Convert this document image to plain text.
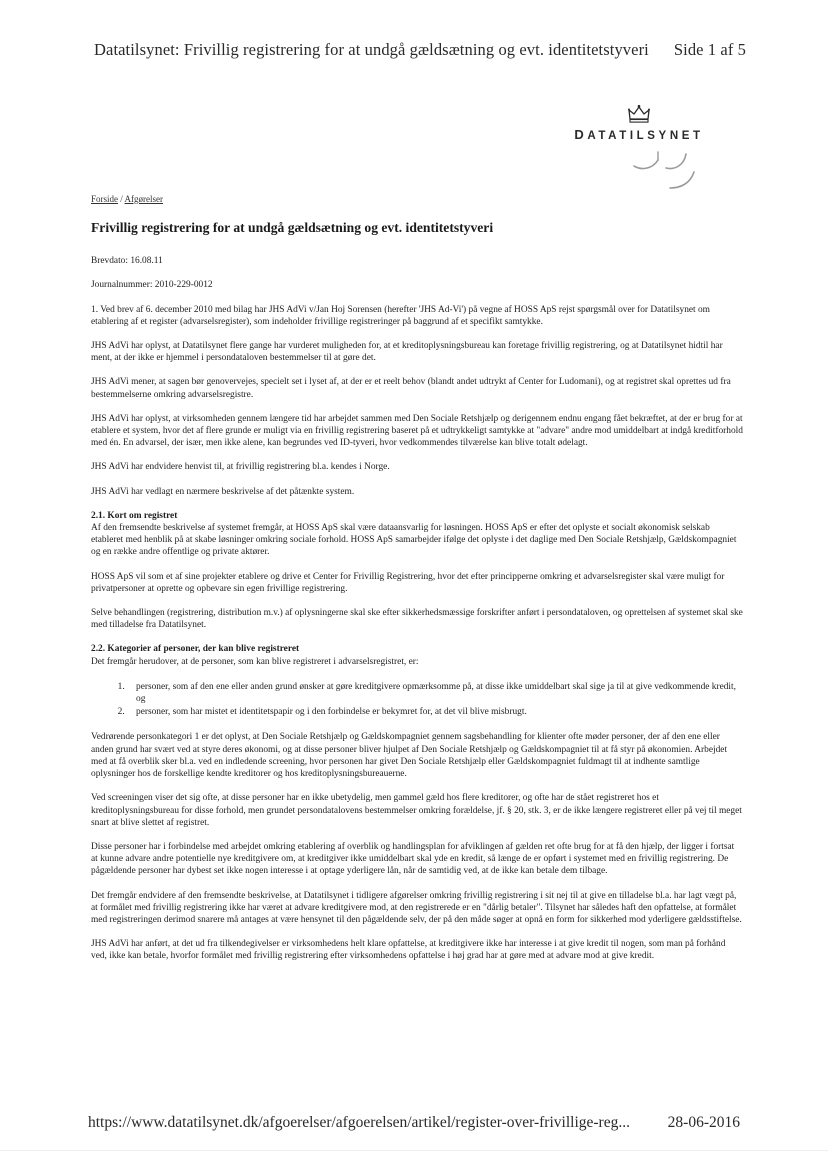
Datatilsynet: Frivillig registrering for at undgå gældsætning og evt. identitetstyveri Side 1 af 5
DATATILSYNET
Forside / Afgørelser
Frivillig registrering for at undgå gældsætning og evt. identitetstyveri

Brevdato: 16.08.11

Journalnummer: 2010-229-0012

1. Ved brev af 6. december 2010 med bilag har JHS AdVi v/Jan Hoj Sorensen (herefter 'JHS Ad-Vi') på vegne af HOSS ApS rejst spørgsmål over for Datatilsynet om etablering af et register (advarselsregister), som indeholder frivillige registreringer på baggrund af et specifikt samtykke.

JHS AdVi har oplyst, at Datatilsynet flere gange har vurderet muligheden for, at et kreditoplysningsbureau kan foretage frivillig registrering, og at Datatilsynet hidtil har ment, at der ikke er hjemmel i persondataloven bestemmelser til at gøre det.

JHS AdVi mener, at sagen bør genovervejes, specielt set i lyset af, at der er et reelt behov (blandt andet udtrykt af Center for Ludomani), og at registret skal oprettes ud fra bestemmelserne omkring advarselsregistre.

JHS AdVi har oplyst, at virksomheden gennem længere tid har arbejdet sammen med Den Sociale Retshjælp og derigennem endnu engang fået bekræftet, at der er brug for at etablere et system, hvor det af flere grunde er muligt via en frivillig registrering baseret på et udtrykkeligt samtykke at "advare" andre mod umiddelbart at indgå kreditforhold med én. En advarsel, der især, men ikke alene, kan begrundes ved ID-tyveri, hvor vedkommendes tilværelse kan blive totalt ødelagt.

JHS AdVi har endvidere henvist til, at frivillig registrering bl.a. kendes i Norge.

JHS AdVi har vedlagt en nærmere beskrivelse af det påtænkte system.

2.1. Kort om registret

Af den fremsendte beskrivelse af systemet fremgår, at HOSS ApS skal være dataansvarlig for løsningen. HOSS ApS er efter det oplyste et socialt økonomisk selskab etableret med henblik på at skabe løsninger omkring sociale forhold. HOSS ApS samarbejder ifølge det oplyste i det daglige med Den Sociale Retshjælp, Gældskompagniet og en række andre offentlige og private aktører.

HOSS ApS vil som et af sine projekter etablere og drive et Center for Frivillig Registrering, hvor det efter principperne omkring et advarselsregister skal være muligt for privatpersoner at oprette og opbevare sin egen frivillige registrering.

Selve behandlingen (registrering, distribution m.v.) af oplysningerne skal ske efter sikkerhedsmæssige forskrifter anført i persondataloven, og oprettelsen af systemet skal ske med tilladelse fra Datatilsynet.

2.2. Kategorier af personer, der kan blive registreret
Det fremgår herudover, at de personer, som kan blive registreret i advarselsregistret, er:
1. personer, som af den ene eller anden grund ønsker at gøre kreditgivere opmærksomme på, at disse ikke umiddelbart skal sige ja til at give vedkommende kredit, og
2. personer, som har mistet et identitetspapir og i den forbindelse er bekymret for, at det vil blive misbrugt.

Vedrørende personkategori 1 er det oplyst, at Den Sociale Retshjælp og Gældskompagniet gennem sagsbehandling for klienter ofte møder personer, der af den ene eller anden grund har svært ved at styre deres økonomi, og at disse personer bliver hjulpet af Den Sociale Retshjælp og Gældskompagniet til at få styr på økonomien. Arbejdet med at få overblik sker bl.a. ved en indledende screening, hvor personen har givet Den Sociale Retshjælp eller Gældskompagniet fuldmagt til at indhente samtlige oplysninger hos de forskellige kendte kreditorer og hos kreditoplysningsbureauerne.

Ved screeningen viser det sig ofte, at disse personer har en ikke ubetydelig, men gammel gæld hos flere kreditorer, og ofte har de stået registreret hos et kreditoplysningsbureau for disse forhold, men grundet persondatalovens bestemmelser omkring forældelse, jf. § 20, stk. 3, er de ikke længere registreret eller på vej til meget snart at blive slettet af registret.

Disse personer har i forbindelse med arbejdet omkring etablering af overblik og handlingsplan for afviklingen af gælden ret ofte brug for at få den hjælp, der ligger i fortsat at kunne advare andre potentielle nye kreditgivere om, at kreditgiver ikke umiddelbart skal yde en kredit, så længe de er opført i systemet med en frivillig registrering. De pågældende personer har dybest set ikke nogen interesse i at optage yderligere lån, når de samtidig ved, at de ikke kan betale dem tilbage.

Det fremgår endvidere af den fremsendte beskrivelse, at Datatilsynet i tidligere afgørelser omkring frivillig registrering i sit nej til at give en tilladelse bl.a. har lagt vægt på, at formålet med frivillig registrering ikke har været at advare kreditgivere mod, at den registrerede er en "dårlig betaler". Tilsynet har således haft den opfattelse, at formålet med registreringen derimod snarere må antages at være hensynet til den pågældende selv, der på den måde søger at opnå en form for sikkerhed mod yderligere gældsstiftelse.

JHS AdVi har anført, at det ud fra tilkendegivelser er virksomhedens helt klare opfattelse, at kreditgivere ikke har interesse i at give kredit til nogen, som man på forhånd ved, ikke kan betale, hvorfor formålet med frivillig registrering efter virksomhedens opfattelse i høj grad har at gøre med at advare mod at give kredit.

https://www.datatilsynet.dk/afgoerelser/afgoerelsen/artikel/register-over-frivillige-reg... 28-06-2016
